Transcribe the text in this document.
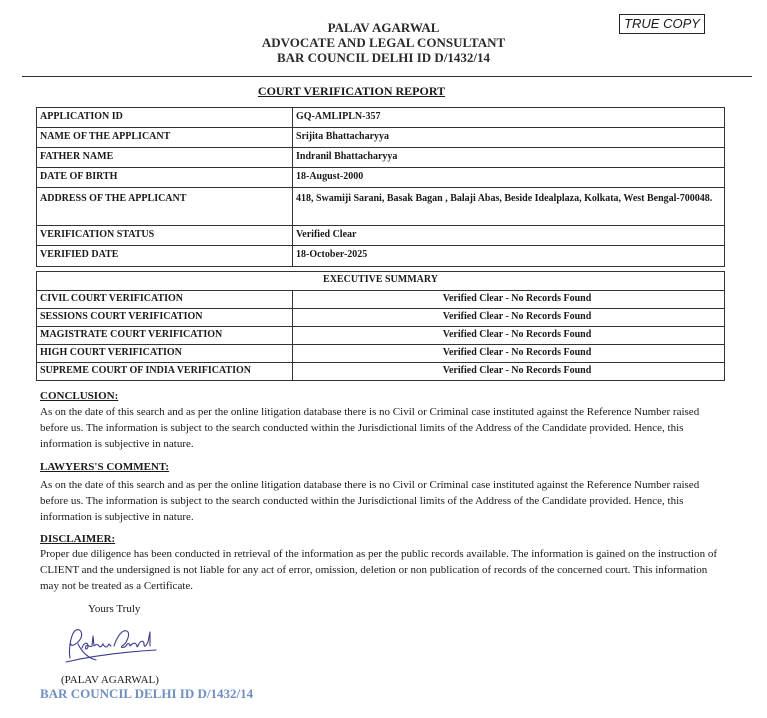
PALAV AGARWAL
ADVOCATE AND LEGAL CONSULTANT
BAR COUNCIL DELHI ID D/1432/14
TRUE COPY
COURT VERIFICATION REPORT
APPLICATION ID	GQ-AMLIPLN-357
NAME OF THE APPLICANT	Srijita Bhattacharyya
FATHER NAME	Indranil Bhattacharyya
DATE OF BIRTH	18-August-2000
ADDRESS OF THE APPLICANT	418, Swamiji Sarani, Basak Bagan , Balaji Abas, Beside Idealplaza, Kolkata, West Bengal-700048.
VERIFICATION STATUS	Verified Clear
VERIFIED DATE	18-October-2025
EXECUTIVE SUMMARY	
CIVIL COURT VERIFICATION	Verified Clear - No Records Found
SESSIONS COURT VERIFICATION	Verified Clear - No Records Found
MAGISTRATE COURT VERIFICATION	Verified Clear - No Records Found
HIGH COURT VERIFICATION	Verified Clear - No Records Found
SUPREME COURT OF INDIA VERIFICATION	Verified Clear - No Records Found
CONCLUSION:
As on the date of this search and as per the online litigation database there is no Civil or Criminal case instituted against the Reference Number raised before us. The information is subject to the search conducted within the Jurisdictional limits of the Address of the Candidate provided. Hence, this information is subjective in nature.
LAWYERS'S COMMENT:
As on the date of this search and as per the online litigation database there is no Civil or Criminal case instituted against the Reference Number raised before us. The information is subject to the search conducted within the Jurisdictional limits of the Address of the Candidate provided. Hence, this information is subjective in nature.
DISCLAIMER:
Proper due diligence has been conducted in retrieval of the information as per the public records available. The information is gained on the instruction of CLIENT and the undersigned is not liable for any act of error, omission, deletion or non publication of records of the concerned court. This information may not be treated as a Certificate.
Yours Truly
(PALAV AGARWAL)
BAR COUNCIL DELHI ID D/1432/14
